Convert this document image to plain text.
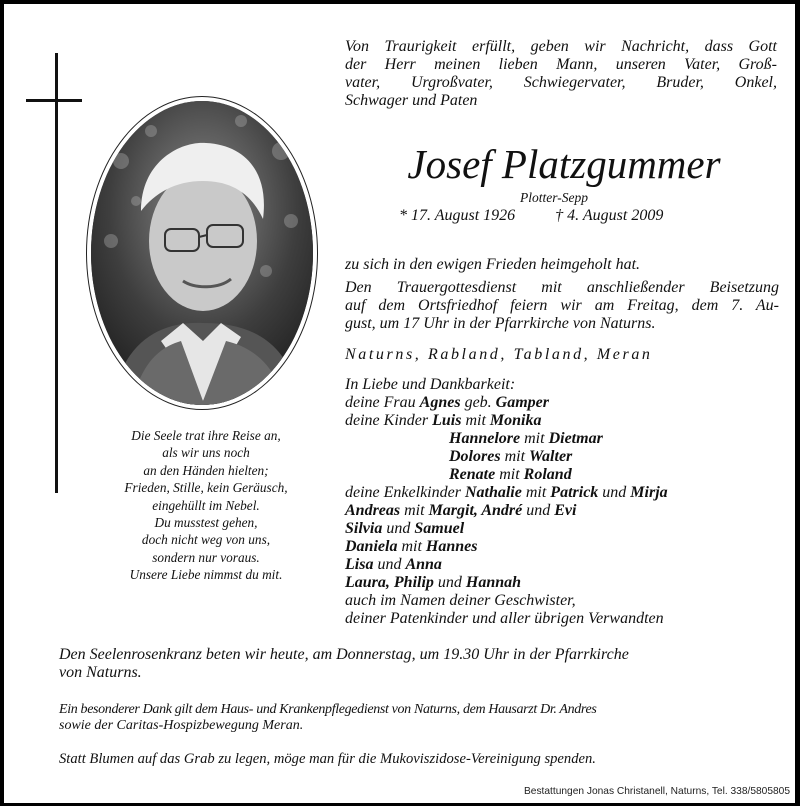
Die Seele trat ihre Reise an,
als wir uns noch
an den Händen hielten;
Frieden, Stille, kein Geräusch,
eingehüllt im Nebel.
Du musstest gehen,
doch nicht weg von uns,
sondern nur voraus.
Unsere Liebe nimmst du mit.
Von Traurigkeit erfüllt, geben wir Nachricht, dass Gott
der Herr meinen lieben Mann, unseren Vater, Groß-
vater, Urgroßvater, Schwiegervater, Bruder, Onkel,
Schwager und Paten
Josef Platzgummer
Plotter-Sepp
* 17. August 1926	† 4. August 2009
zu sich in den ewigen Frieden heimgeholt hat.
Den Trauergottesdienst mit anschließender Beisetzung
auf dem Ortsfriedhof feiern wir am Freitag, dem 7. Au-
gust, um 17 Uhr in der Pfarrkirche von Naturns.
Naturns, Rabland, Tabland, Meran
In Liebe und Dankbarkeit:
deine Frau Agnes geb. Gamper
deine Kinder Luis mit Monika
Hannelore mit Dietmar
Dolores mit Walter
Renate mit Roland
deine Enkelkinder Nathalie mit Patrick und Mirja
Andreas mit Margit, André und Evi
Silvia und Samuel
Daniela mit Hannes
Lisa und Anna
Laura, Philip und Hannah
auch im Namen deiner Geschwister,
deiner Patenkinder und aller übrigen Verwandten
Den Seelenrosenkranz beten wir heute, am Donnerstag, um 19.30 Uhr in der Pfarrkirche
von Naturns.
Ein besonderer Dank gilt dem Haus- und Krankenpflegedienst von Naturns, dem Hausarzt Dr. Andres
sowie der Caritas-Hospizbewegung Meran.
Statt Blumen auf das Grab zu legen, möge man für die Mukoviszidose-Vereinigung spenden.
Bestattungen Jonas Christanell, Naturns, Tel. 338/5805805
